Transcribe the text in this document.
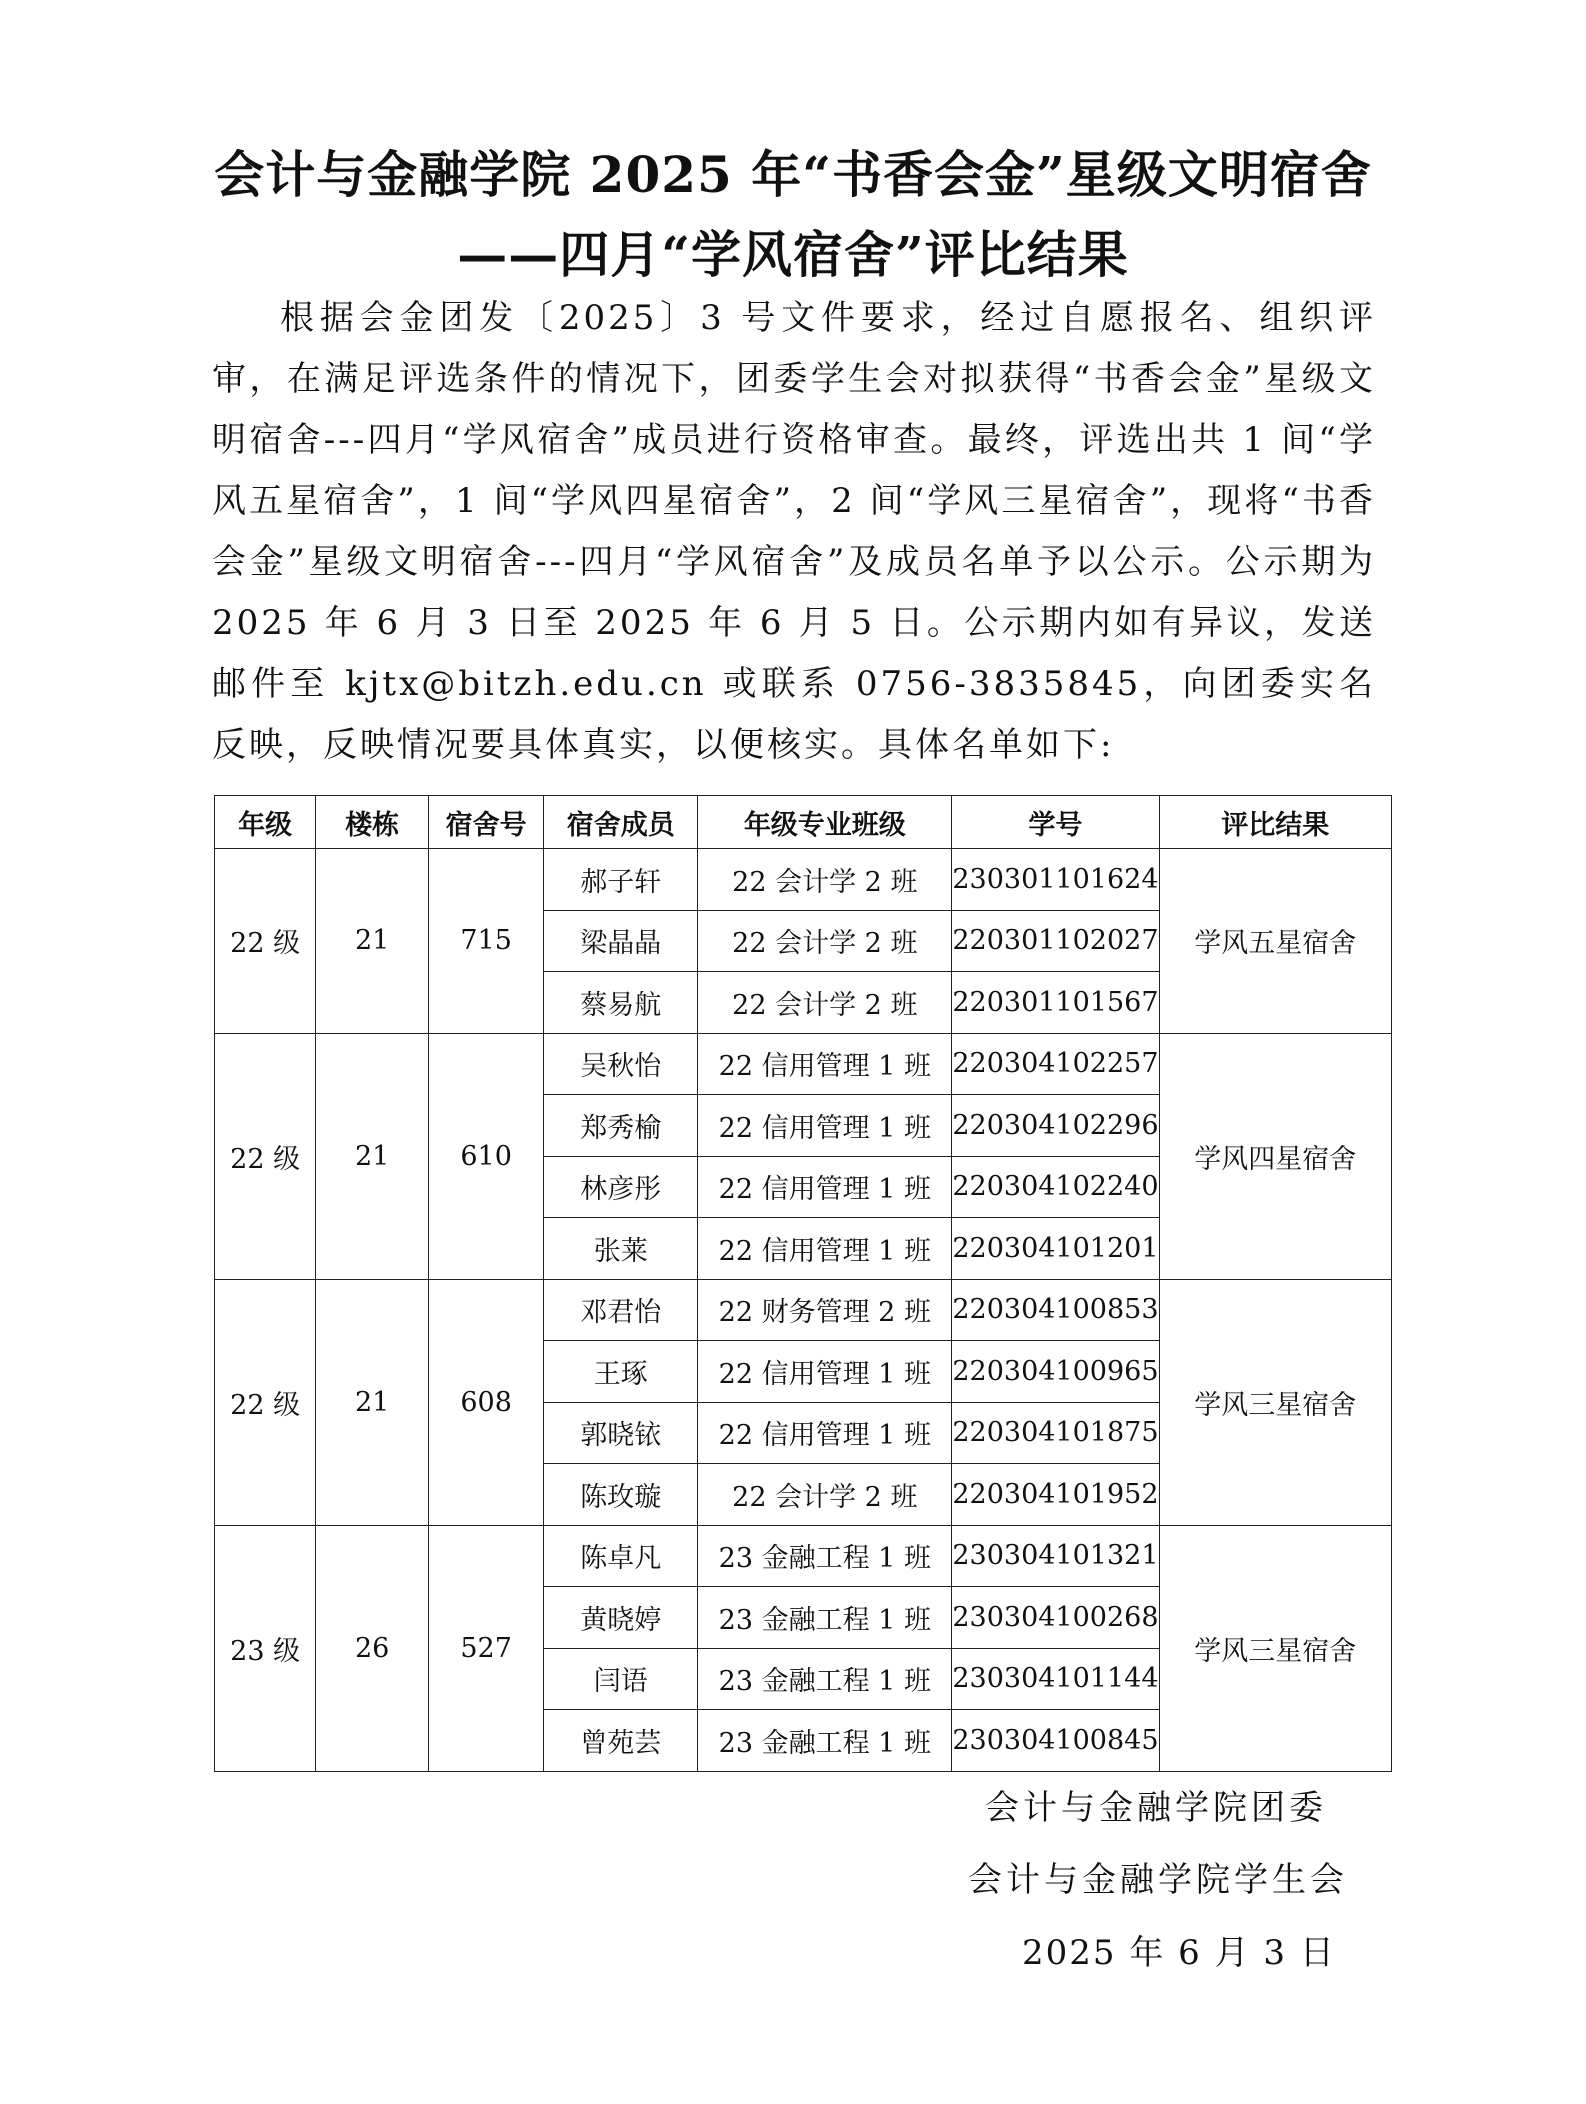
会计与金融学院 2025 年“书香会金”星级文明宿舍
——四月“学风宿舍”评比结果
根据会金团发〔2025〕3 号文件要求，经过自愿报名、组织评审，在满足评选条件的情况下，团委学生会对拟获得“书香会金”星级文明宿舍---四月“学风宿舍”成员进行资格审查。最终，评选出共 1 间“学风五星宿舍”，1 间“学风四星宿舍”，2 间“学风三星宿舍”，现将“书香会金”星级文明宿舍---四月“学风宿舍”及成员名单予以公示。公示期为 2025 年 6 月 3 日至 2025 年 6 月 5 日。公示期内如有异议，发送邮件至 kjtx@bitzh.edu.cn 或联系 0756-3835845，向团委实名反映，反映情况要具体真实，以便核实。具体名单如下:
年级	楼栋	宿舍号	宿舍成员	年级专业班级	学号	评比结果
22 级	21	715	郝子轩	22 会计学 2 班	230301101624	学风五星宿舍
			梁晶晶	22 会计学 2 班	220301102027	
			蔡易航	22 会计学 2 班	220301101567	
22 级	21	610	吴秋怡	22 信用管理 1 班	220304102257	学风四星宿舍
			郑秀榆	22 信用管理 1 班	220304102296	
			林彦彤	22 信用管理 1 班	220304102240	
			张莱	22 信用管理 1 班	220304101201	
22 级	21	608	邓君怡	22 财务管理 2 班	220304100853	学风三星宿舍
			王琢	22 信用管理 1 班	220304100965	
			郭晓铱	22 信用管理 1 班	220304101875	
			陈玫璇	22 会计学 2 班	220304101952	
23 级	26	527	陈卓凡	23 金融工程 1 班	230304101321	学风三星宿舍
			黄晓婷	23 金融工程 1 班	230304100268	
			闫语	23 金融工程 1 班	230304101144	
			曾苑芸	23 金融工程 1 班	230304100845	
会计与金融学院团委
会计与金融学院学生会
2025 年 6 月 3 日
